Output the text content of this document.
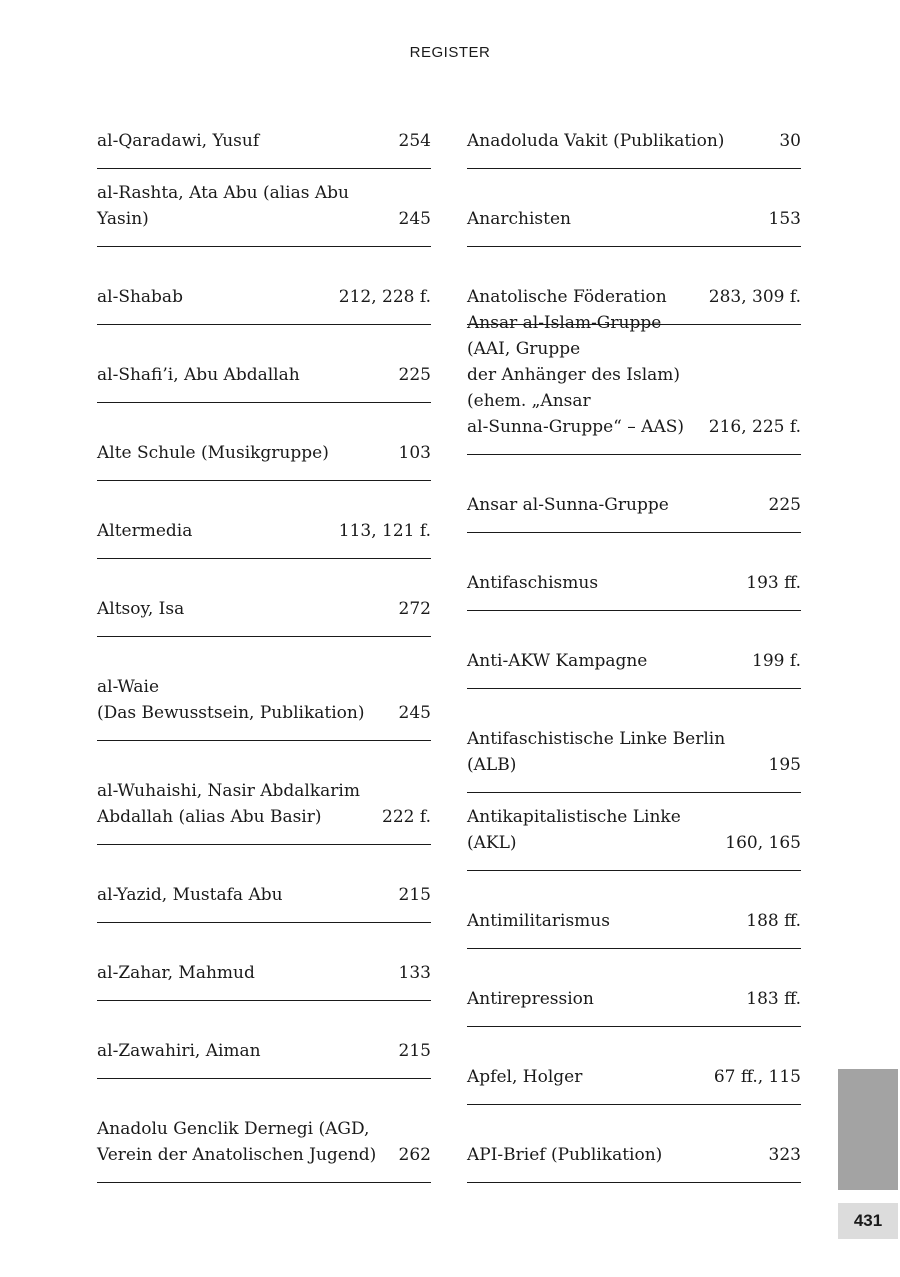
REGISTER
al-Qaradawi, Yusuf	254
al-Rashta, Ata Abu (alias Abu Yasin)	245
al-Shabab	212, 228 f.
al-Shafi’i, Abu Abdallah	225
Alte Schule (Musikgruppe)	103
Altermedia	113, 121 f.
Altsoy, Isa	272
al-Waie
(Das Bewusstsein, Publikation)	245
al-Wuhaishi, Nasir Abdalkarim
Abdallah (alias Abu Basir)	222 f.
al-Yazid, Mustafa Abu	215
al-Zahar, Mahmud	133
al-Zawahiri, Aiman	215
Anadolu Genclik Dernegi (AGD,
Verein der Anatolischen Jugend)	262
Anadoluda Vakit (Publikation)	30
Anarchisten	153
Anatolische Föderation	283, 309 f.
Ansar al-Islam-Gruppe (AAI, Gruppe
der Anhänger des Islam) (ehem. „Ansar
al-Sunna-Gruppe“ – AAS)	216, 225 f.
Ansar al-Sunna-Gruppe	225
Antifaschismus	193 ff.
Anti-AKW Kampagne	199 f.
Antifaschistische Linke Berlin
(ALB)	195
Antikapitalistische Linke (AKL)	160, 165
Antimilitarismus	188 ff.
Antirepression	183 ff.
Apfel, Holger	67 ff., 115
API-Brief (Publikation)	323
431
